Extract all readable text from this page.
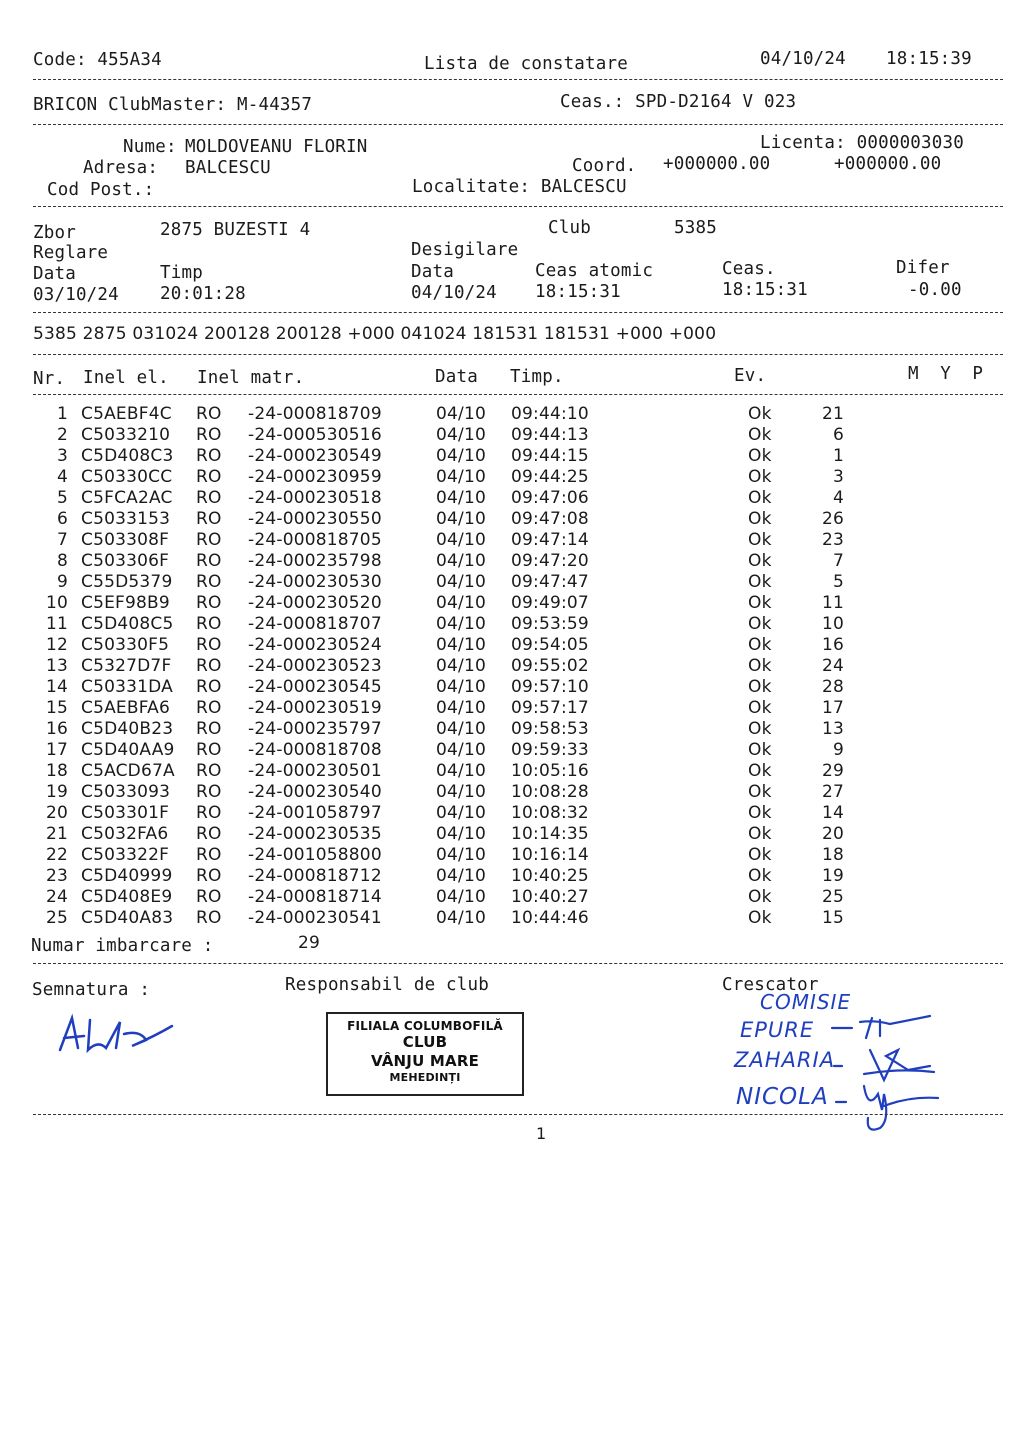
Code: 455A34	Lista de constatare	04/10/24 18:15:39
BRICON ClubMaster: M-44357	Ceas.: SPD-D2164 V 023
Nume: MOLDOVEANU FLORIN	Licenta: 0000003030
Adresa: BALCESCU	Coord. +000000.00	+000000.00
Cod Post.:	Localitate: BALCESCU
Zbor	2875 BUZESTI 4	Club	5385
Reglare	Desigilare
Data	Timp	Data	Ceas atomic	Ceas.	Difer
03/10/24 20:01:28	04/10/24 18:15:31	18:15:31	-0.00
5385 2875 031024 200128 200128 +000 041024 181531 181531 +000 +000
Nr. Inel el. Inel matr.	Data Timp.	Ev.	M  Y  P
1	C5AEBF4C	RO	-24-000818709	04/10	09:44:10	Ok	21
2	C5033210	RO	-24-000530516	04/10	09:44:13	Ok	6
3	C5D408C3	RO	-24-000230549	04/10	09:44:15	Ok	1
4	C50330CC	RO	-24-000230959	04/10	09:44:25	Ok	3
5	C5FCA2AC	RO	-24-000230518	04/10	09:47:06	Ok	4
6	C5033153	RO	-24-000230550	04/10	09:47:08	Ok	26
7	C503308F	RO	-24-000818705	04/10	09:47:14	Ok	23
8	C503306F	RO	-24-000235798	04/10	09:47:20	Ok	7
9	C55D5379	RO	-24-000230530	04/10	09:47:47	Ok	5
10	C5EF98B9	RO	-24-000230520	04/10	09:49:07	Ok	11
11	C5D408C5	RO	-24-000818707	04/10	09:53:59	Ok	10
12	C50330F5	RO	-24-000230524	04/10	09:54:05	Ok	16
13	C5327D7F	RO	-24-000230523	04/10	09:55:02	Ok	24
14	C50331DA	RO	-24-000230545	04/10	09:57:10	Ok	28
15	C5AEBFA6	RO	-24-000230519	04/10	09:57:17	Ok	17
16	C5D40B23	RO	-24-000235797	04/10	09:58:53	Ok	13
17	C5D40AA9	RO	-24-000818708	04/10	09:59:33	Ok	9
18	C5ACD67A	RO	-24-000230501	04/10	10:05:16	Ok	29
19	C5033093	RO	-24-000230540	04/10	10:08:28	Ok	27
20	C503301F	RO	-24-001058797	04/10	10:08:32	Ok	14
21	C5032FA6	RO	-24-000230535	04/10	10:14:35	Ok	20
22	C503322F	RO	-24-001058800	04/10	10:16:14	Ok	18
23	C5D40999	RO	-24-000818712	04/10	10:40:25	Ok	19
24	C5D408E9	RO	-24-000818714	04/10	10:40:27	Ok	25
25	C5D40A83	RO	-24-000230541	04/10	10:44:46	Ok	15
Numar imbarcare :	29
Semnatura :	Responsabil de club	Crescator
FILIALA COLUMBOFILĂ
CLUB
VÂNJU MARE
MEHEDINȚI
COMISIE
EPURE
ZAHARIA
NICOLA
1
